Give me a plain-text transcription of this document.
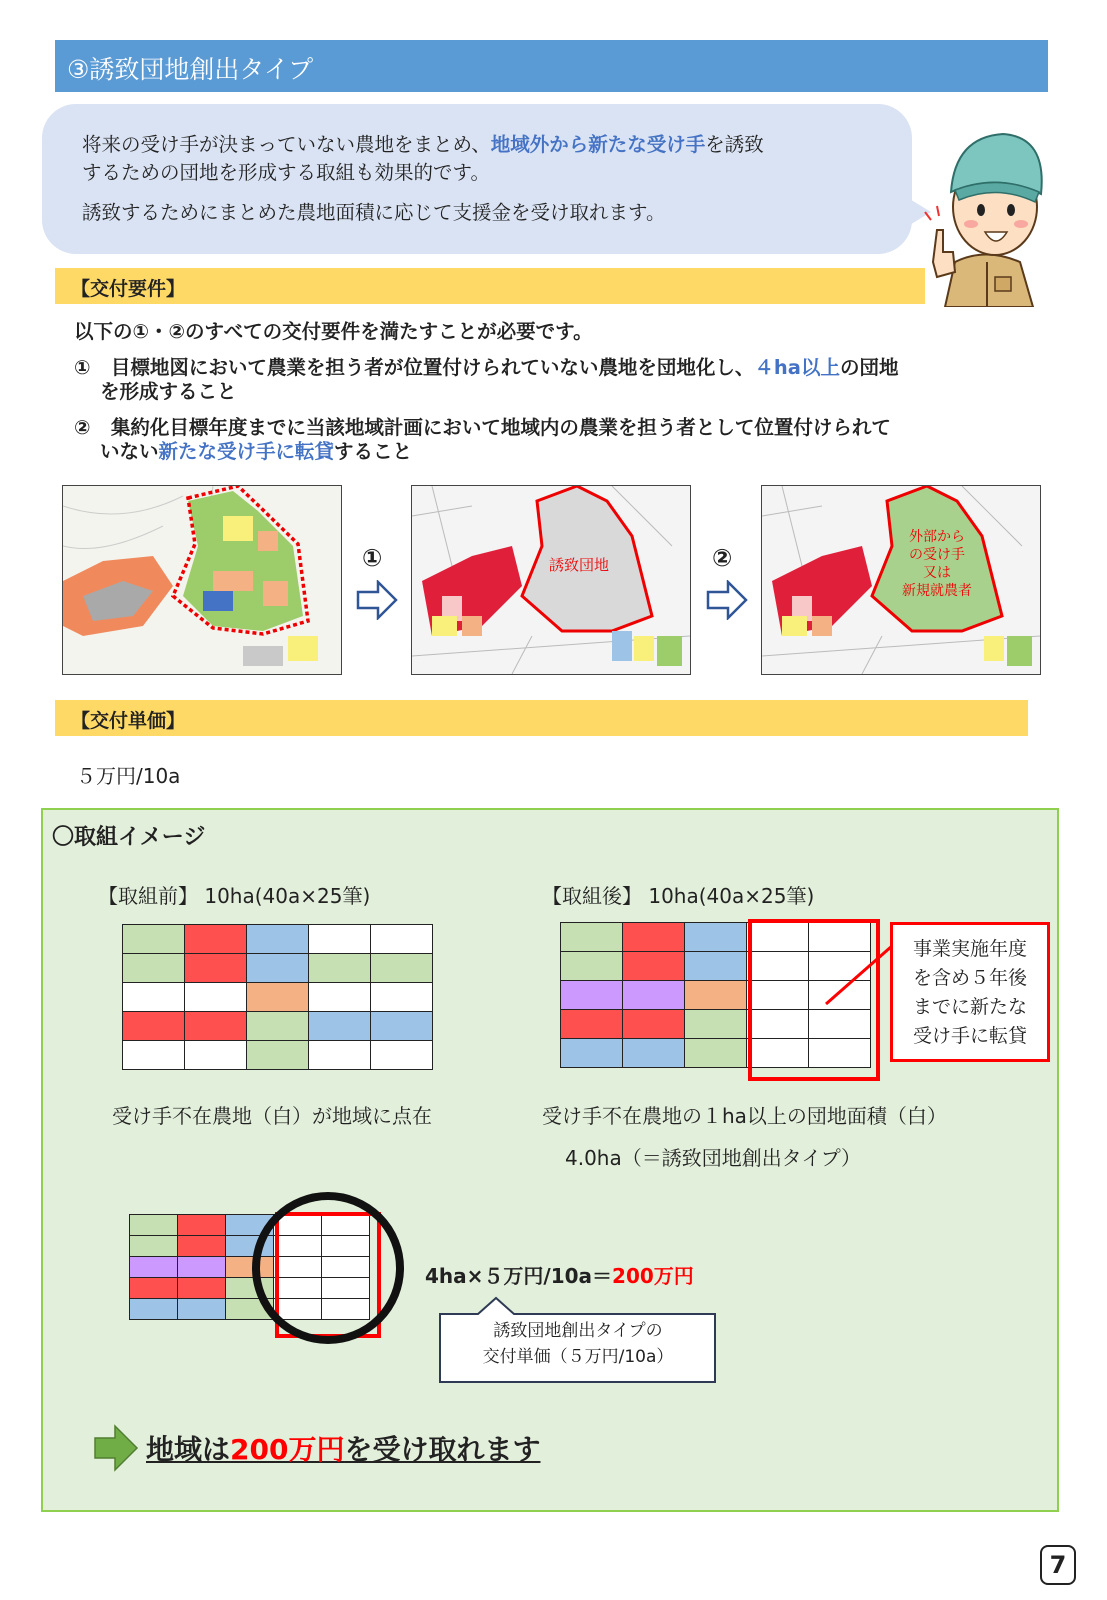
③誘致団地創出タイプ

将来の受け手が決まっていない農地をまとめ、地域外から新たな受け手を誘致

するための団地を形成する取組も効果的です。

誘致するためにまとめた農地面積に応じて支援金を受け取れます。

【交付要件】

以下の①・②のすべての交付要件を満たすことが必要です。

① 目標地図において農業を担う者が位置付けられていない農地を団地化し、４ha以上の団地

を形成すること

② 集約化目標年度までに当該地域計画において地域内の農業を担う者として位置付けられて

いない新たな受け手に転貸すること

①	誘致団地	②
外部から
の受け手
又は
新規就農者
【交付単価】
５万円/10a
〇取組イメージ
【取組前】 10ha(40a×25筆)	【取組後】 10ha(40a×25筆)

事業実施年度
を含め５年後
までに新たな
受け手に転貸
受け手不在農地（白）が地域に点在	受け手不在農地の１ha以上の団地面積（白）
4.0ha（＝誘致団地創出タイプ）

4ha×５万円/10a＝200万円
誘致団地創出タイプの
交付単価（５万円/10a）
地域は200万円を受け取れます
7
